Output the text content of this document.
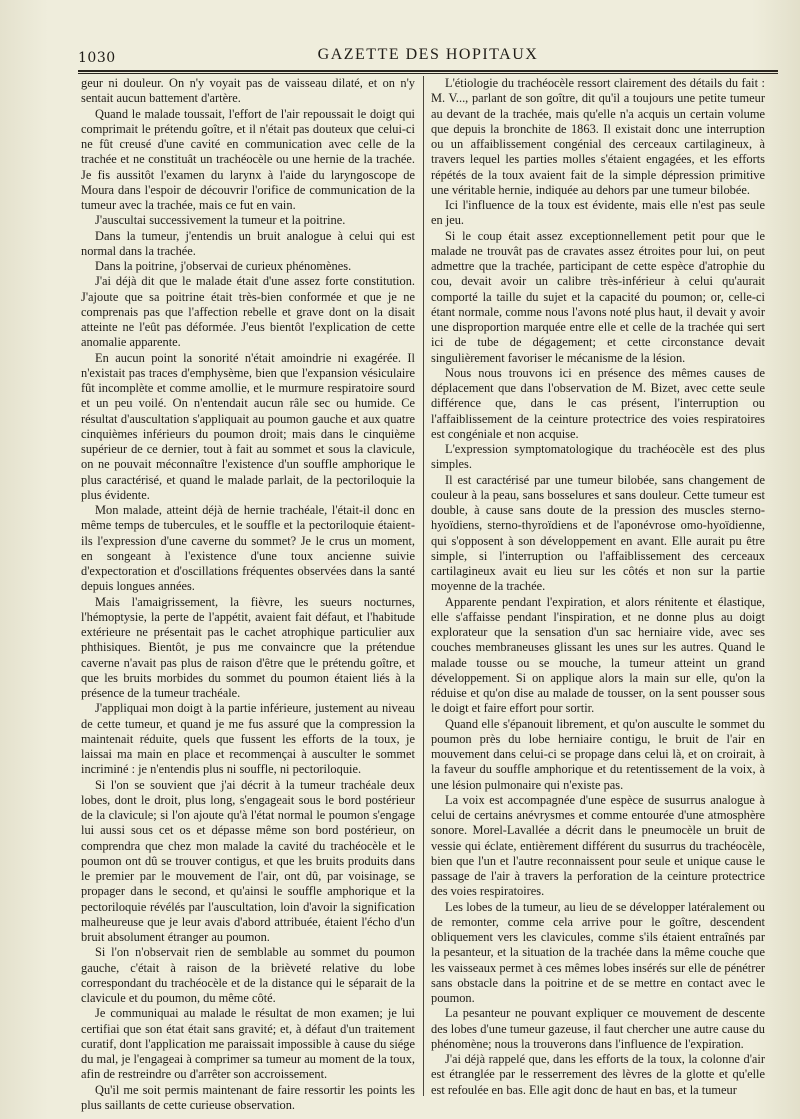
1030	GAZETTE DES HOPITAUX

geur ni douleur. On n'y voyait pas de vaisseau dilaté, et on n'y sentait aucun battement d'artère.

Quand le malade toussait, l'effort de l'air repoussait le doigt qui comprimait le prétendu goître, et il n'était pas douteux que celui-ci ne fût creusé d'une cavité en communication avec celle de la trachée et ne constituât un trachéocèle ou une hernie de la trachée. Je fis aussitôt l'examen du larynx à l'aide du laryngoscope de Moura dans l'espoir de découvrir l'orifice de communication de la tumeur avec la trachée, mais ce fut en vain.

J'auscultai successivement la tumeur et la poitrine.

Dans la tumeur, j'entendis un bruit analogue à celui qui est normal dans la trachée.

Dans la poitrine, j'observai de curieux phénomènes.

J'ai déjà dit que le malade était d'une assez forte constitution. J'ajoute que sa poitrine était très-bien conformée et que je ne comprenais pas que l'affection rebelle et grave dont on la disait atteinte ne l'eût pas déformée. J'eus bientôt l'explication de cette anomalie apparente.

En aucun point la sonorité n'était amoindrie ni exagérée. Il n'existait pas traces d'emphysème, bien que l'expansion vésiculaire fût incomplète et comme amollie, et le murmure respiratoire sourd et un peu voilé. On n'entendait aucun râle sec ou humide. Ce résultat d'auscultation s'appliquait au poumon gauche et aux quatre cinquièmes inférieurs du poumon droit; mais dans le cinquième supérieur de ce dernier, tout à fait au sommet et sous la clavicule, on ne pouvait méconnaître l'existence d'un souffle amphorique le plus caractérisé, et quand le malade parlait, de la pectoriloquie la plus évidente.

Mon malade, atteint déjà de hernie trachéale, l'était-il donc en même temps de tubercules, et le souffle et la pectoriloquie étaient-ils l'expression d'une caverne du sommet? Je le crus un moment, en songeant à l'existence d'une toux ancienne suivie d'expectoration et d'oscillations fréquentes observées dans la santé depuis longues années.

Mais l'amaigrissement, la fièvre, les sueurs nocturnes, l'hémoptysie, la perte de l'appétit, avaient fait défaut, et l'habitude extérieure ne présentait pas le cachet atrophique particulier aux phthisiques. Bientôt, je pus me convaincre que la prétendue caverne n'avait pas plus de raison d'être que le prétendu goître, et que les bruits morbides du sommet du poumon étaient liés à la présence de la tumeur trachéale.

J'appliquai mon doigt à la partie inférieure, justement au niveau de cette tumeur, et quand je me fus assuré que la compression la maintenait réduite, quels que fussent les efforts de la toux, je laissai ma main en place et recommençai à ausculter le sommet incriminé : je n'entendis plus ni souffle, ni pectoriloquie.

Si l'on se souvient que j'ai décrit à la tumeur trachéale deux lobes, dont le droit, plus long, s'engageait sous le bord postérieur de la clavicule; si l'on ajoute qu'à l'état normal le poumon s'engage lui aussi sous cet os et dépasse même son bord postérieur, on comprendra que chez mon malade la cavité du trachéocèle et le poumon ont dû se trouver contigus, et que les bruits produits dans le premier par le mouvement de l'air, ont dû, par voisinage, se propager dans le second, et qu'ainsi le souffle amphorique et la pectoriloquie révélés par l'auscultation, loin d'avoir la signification malheureuse que je leur avais d'abord attribuée, étaient l'écho d'un bruit absolument étranger au poumon.

Si l'on n'observait rien de semblable au sommet du poumon gauche, c'était à raison de la brièveté relative du lobe correspondant du trachéocèle et de la distance qui le séparait de la clavicule et du poumon, du même côté.

Je communiquai au malade le résultat de mon examen; je lui certifiai que son état était sans gravité; et, à défaut d'un traitement curatif, dont l'application me paraissait impossible à cause du siége du mal, je l'engageai à comprimer sa tumeur au moment de la toux, afin de restreindre ou d'arrêter son accroissement.

Qu'il me soit permis maintenant de faire ressortir les points les plus saillants de cette curieuse observation.

L'étiologie du trachéocèle ressort clairement des détails du fait : M. V..., parlant de son goître, dit qu'il a toujours une petite tumeur au devant de la trachée, mais qu'elle n'a acquis un certain volume que depuis la bronchite de 1863. Il existait donc une interruption ou un affaiblissement congénial des cerceaux cartilagineux, à travers lequel les parties molles s'étaient engagées, et les efforts répétés de la toux avaient fait de la simple dépression primitive une véritable hernie, indiquée au dehors par une tumeur bilobée.

Ici l'influence de la toux est évidente, mais elle n'est pas seule en jeu.

Si le coup était assez exceptionnellement petit pour que le malade ne trouvât pas de cravates assez étroites pour lui, on peut admettre que la trachée, participant de cette espèce d'atrophie du cou, devait avoir un calibre très-inférieur à celui qu'aurait comporté la taille du sujet et la capacité du poumon; or, celle-ci étant normale, comme nous l'avons noté plus haut, il devait y avoir une disproportion marquée entre elle et celle de la trachée qui sert ici de tube de dégagement; et cette circonstance devait singulièrement favoriser le mécanisme de la lésion.

Nous nous trouvons ici en présence des mêmes causes de déplacement que dans l'observation de M. Bizet, avec cette seule différence que, dans le cas présent, l'interruption ou l'affaiblissement de la ceinture protectrice des voies respiratoires est congéniale et non acquise.

L'expression symptomatologique du trachéocèle est des plus simples.

Il est caractérisé par une tumeur bilobée, sans changement de couleur à la peau, sans bosselures et sans douleur. Cette tumeur est double, à cause sans doute de la pression des muscles sterno-hyoïdiens, sterno-thyroïdiens et de l'aponévrose omo-hyoïdienne, qui s'opposent à son développement en avant. Elle aurait pu être simple, si l'interruption ou l'affaiblissement des cerceaux cartilagineux avait eu lieu sur les côtés et non sur la partie moyenne de la trachée.

Apparente pendant l'expiration, et alors rénitente et élastique, elle s'affaisse pendant l'inspiration, et ne donne plus au doigt explorateur que la sensation d'un sac herniaire vide, avec ses couches membraneuses glissant les unes sur les autres. Quand le malade tousse ou se mouche, la tumeur atteint un grand développement. Si on applique alors la main sur elle, qu'on la réduise et qu'on dise au malade de tousser, on la sent pousser sous le doigt et faire effort pour sortir.

Quand elle s'épanouit librement, et qu'on ausculte le sommet du poumon près du lobe herniaire contigu, le bruit de l'air en mouvement dans celui-ci se propage dans celui là, et on croirait, à la faveur du souffle amphorique et du retentissement de la voix, à une lésion pulmonaire qui n'existe pas.

La voix est accompagnée d'une espèce de susurrus analogue à celui de certains anévrysmes et comme entourée d'une atmosphère sonore. Morel-Lavallée a décrit dans le pneumocèle un bruit de vessie qui éclate, entièrement différent du susurrus du trachéocèle, bien que l'un et l'autre reconnaissent pour seule et unique cause le passage de l'air à travers la perforation de la ceinture protectrice des voies respiratoires.

Les lobes de la tumeur, au lieu de se développer latéralement ou de remonter, comme cela arrive pour le goître, descendent obliquement vers les clavicules, comme s'ils étaient entraînés par la pesanteur, et la situation de la trachée dans la même couche que les vaisseaux permet à ces mêmes lobes insérés sur elle de pénétrer sans obstacle dans la poitrine et de se mettre en contact avec le poumon.

La pesanteur ne pouvant expliquer ce mouvement de descente des lobes d'une tumeur gazeuse, il faut chercher une autre cause du phénomène; nous la trouverons dans l'influence de l'expiration.

J'ai déjà rappelé que, dans les efforts de la toux, la colonne d'air est étranglée par le resserrement des lèvres de la glotte et qu'elle est refoulée en bas. Elle agit donc de haut en bas, et la tumeur
